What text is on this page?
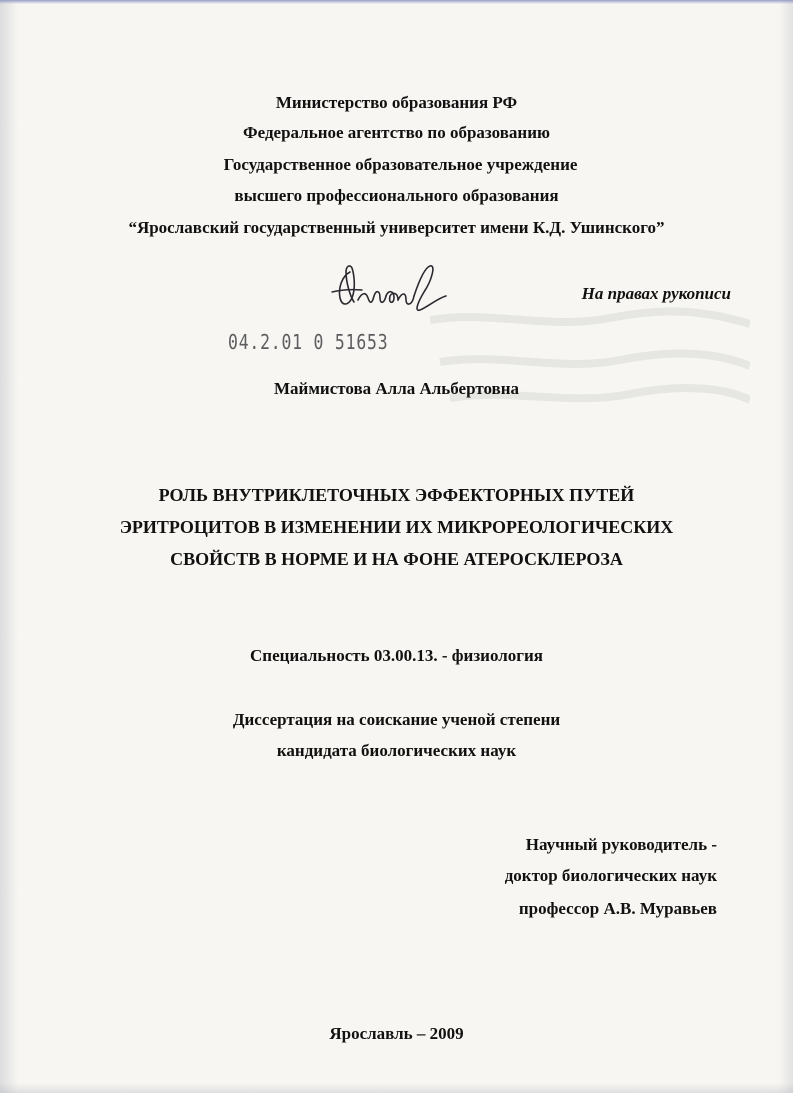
Министерство образования РФ
Федеральное агентство по образованию
Государственное образовательное учреждение
высшего профессионального образования
“Ярославский государственный университет имени К.Д. Ушинского”
На правах рукописи
04.2.01 0 51653
Маймистова Алла Альбертовна
РОЛЬ ВНУТРИКЛЕТОЧНЫХ ЭФФЕКТОРНЫХ ПУТЕЙ
ЭРИТРОЦИТОВ В ИЗМЕНЕНИИ ИХ МИКРОРЕОЛОГИЧЕСКИХ
СВОЙСТВ В НОРМЕ И НА ФОНЕ АТЕРОСКЛЕРОЗА
Специальность 03.00.13. - физиология
Диссертация на соискание ученой степени
кандидата биологических наук
Научный руководитель -
доктор биологических наук
профессор А.В. Муравьев
Ярославль – 2009
